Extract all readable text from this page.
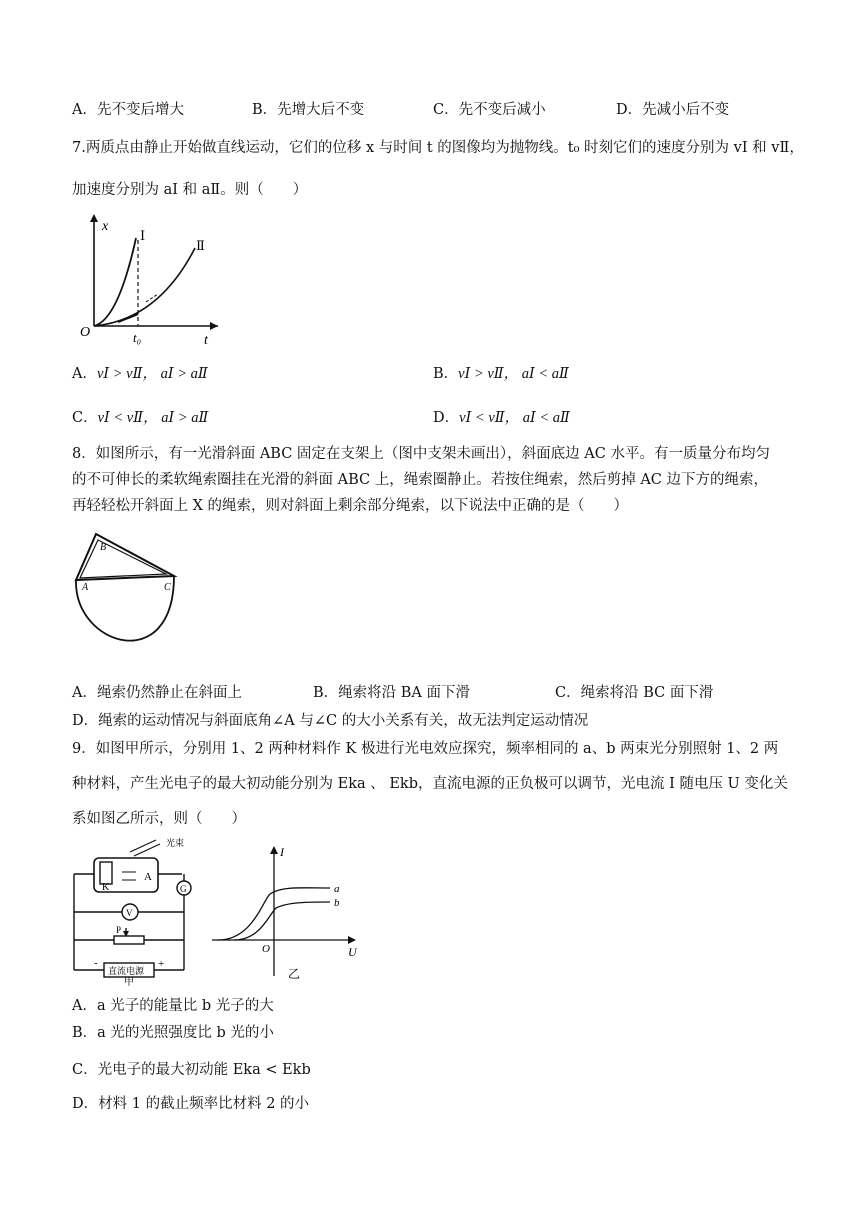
A．先不变后增大	B．先增大后不变	C．先不变后减小	D．先减小后不变
7.两质点由静止开始做直线运动，它们的位移 x 与时间 t 的图像均为抛物线。t₀ 时刻它们的速度分别为 vⅠ 和 vⅡ，
加速度分别为 aⅠ 和 aⅡ。则（　　）
x
t
O	t₀
Ⅰ
Ⅱ
A．vⅠ > vⅡ， aⅠ > aⅡ	B．vⅠ > vⅡ， aⅠ < aⅡ
C．vⅠ < vⅡ， aⅠ > aⅡ	D．vⅠ < vⅡ， aⅠ < aⅡ
8．如图所示，有一光滑斜面 ABC 固定在支架上（图中支架未画出），斜面底边 AC 水平。有一质量分布均匀
的不可伸长的柔软绳索圈挂在光滑的斜面 ABC 上，绳索圈静止。若按住绳索，然后剪掉 AC 边下方的绳索，
再轻轻松开斜面上 X 的绳索，则对斜面上剩余部分绳索，以下说法中正确的是（　　）
B
A	C
A．绳索仍然静止在斜面上	B．绳索将沿 BA 面下滑	C．绳索将沿 BC 面下滑
D．绳索的运动情况与斜面底角∠A 与∠C 的大小关系有关，故无法判定运动情况
9．如图甲所示，分别用 1、2 两种材料作 K 极进行光电效应探究，频率相同的 a、b 两束光分别照射 1、2 两
种材料，产生光电子的最大初动能分别为 Eka 、 Ekb，直流电源的正负极可以调节，光电流 I 随电压 U 变化关
系如图乙所示，则（　　）
光束
K
A
G
V
P
直流电源
-	+
甲
I
U
O
a
b
乙
A．a 光子的能量比 b 光子的大
B．a 光的光照强度比 b 光的小
C．光电子的最大初动能 Eka < Ekb
D．材料 1 的截止频率比材料 2 的小
